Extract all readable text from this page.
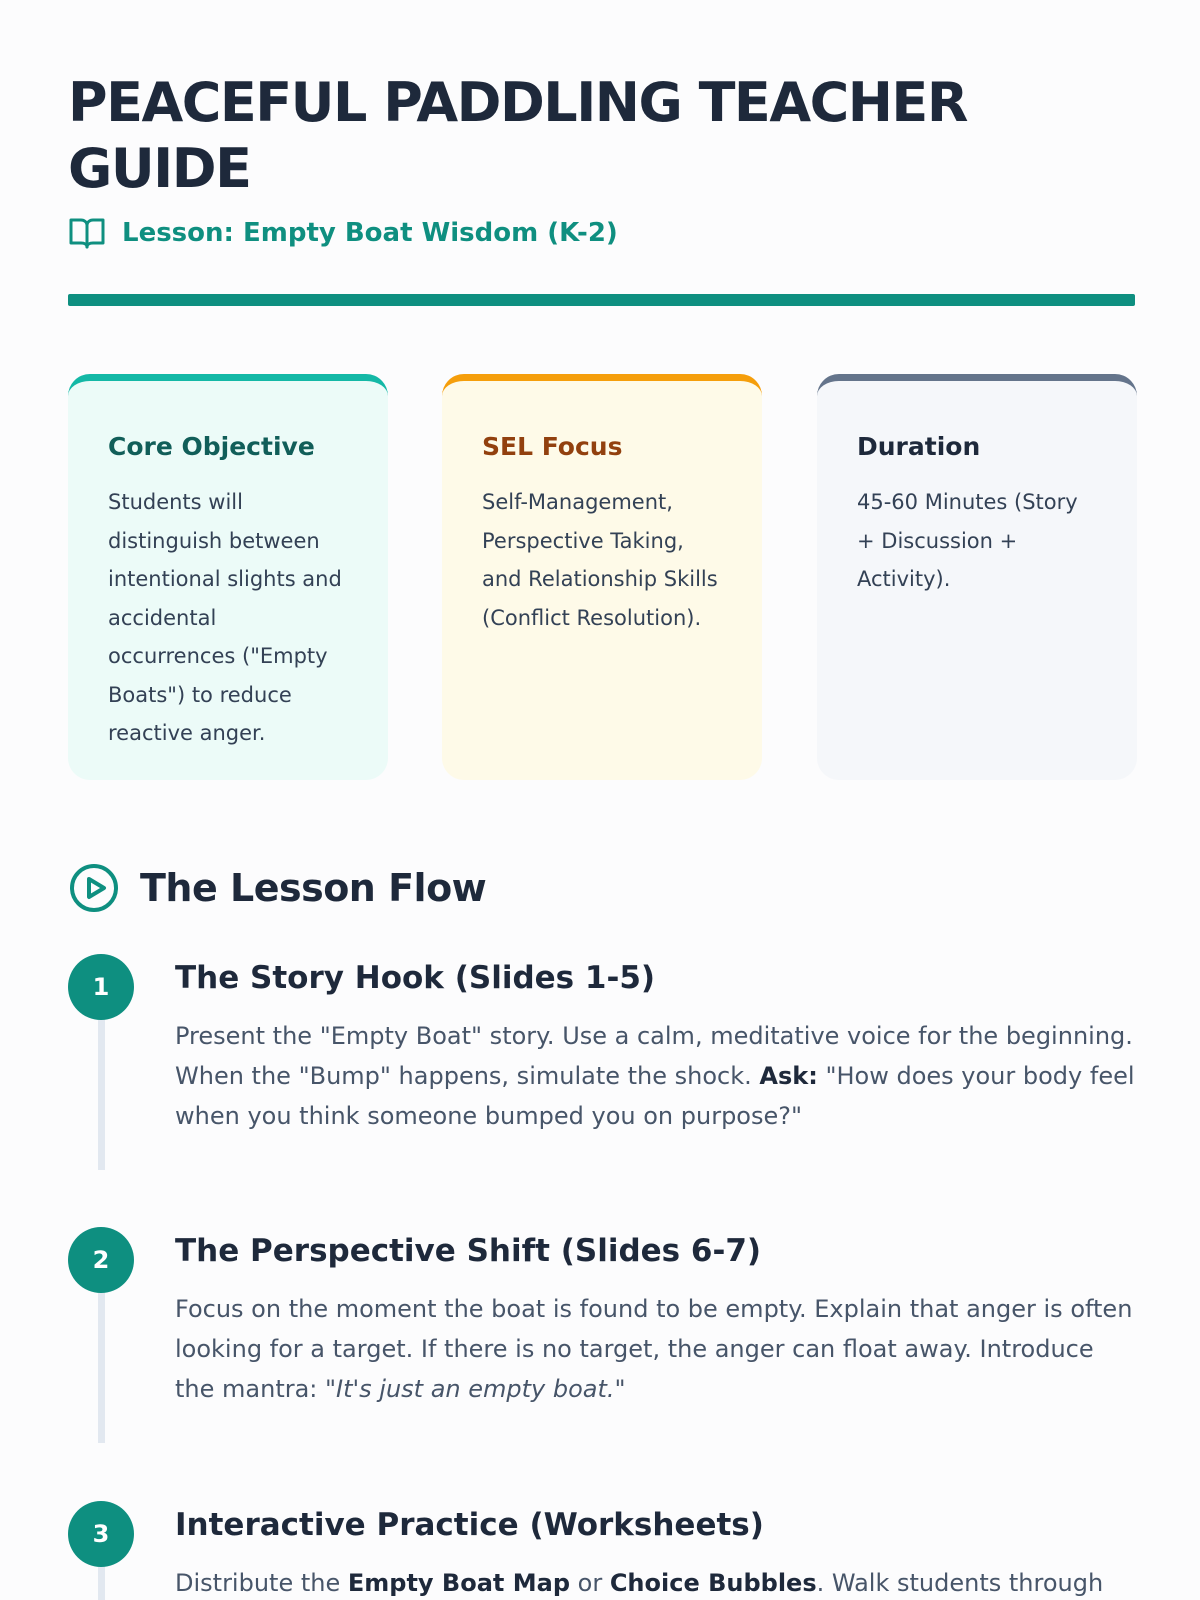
PEACEFUL PADDLING TEACHER GUIDE
Lesson: Empty Boat Wisdom (K-2)
Core Objective

Students will distinguish between intentional slights and accidental occurrences ("Empty Boats") to reduce reactive anger.

SEL Focus

Self-Management, Perspective Taking, and Relationship Skills (Conflict Resolution).

Duration

45-60 Minutes (Story + Discussion + Activity).

The Lesson Flow
1	The Story Hook (Slides 1-5)

Present the "Empty Boat" story. Use a calm, meditative voice for the beginning. When the "Bump" happens, simulate the shock. Ask: "How does your body feel when you think someone bumped you on purpose?"

2	The Perspective Shift (Slides 6-7)

Focus on the moment the boat is found to be empty. Explain that anger is often looking for a target. If there is no target, the anger can float away. Introduce the mantra: "It's just an empty boat."

3	Interactive Practice (Worksheets)

Distribute the Empty Boat Map or Choice Bubbles. Walk students through
